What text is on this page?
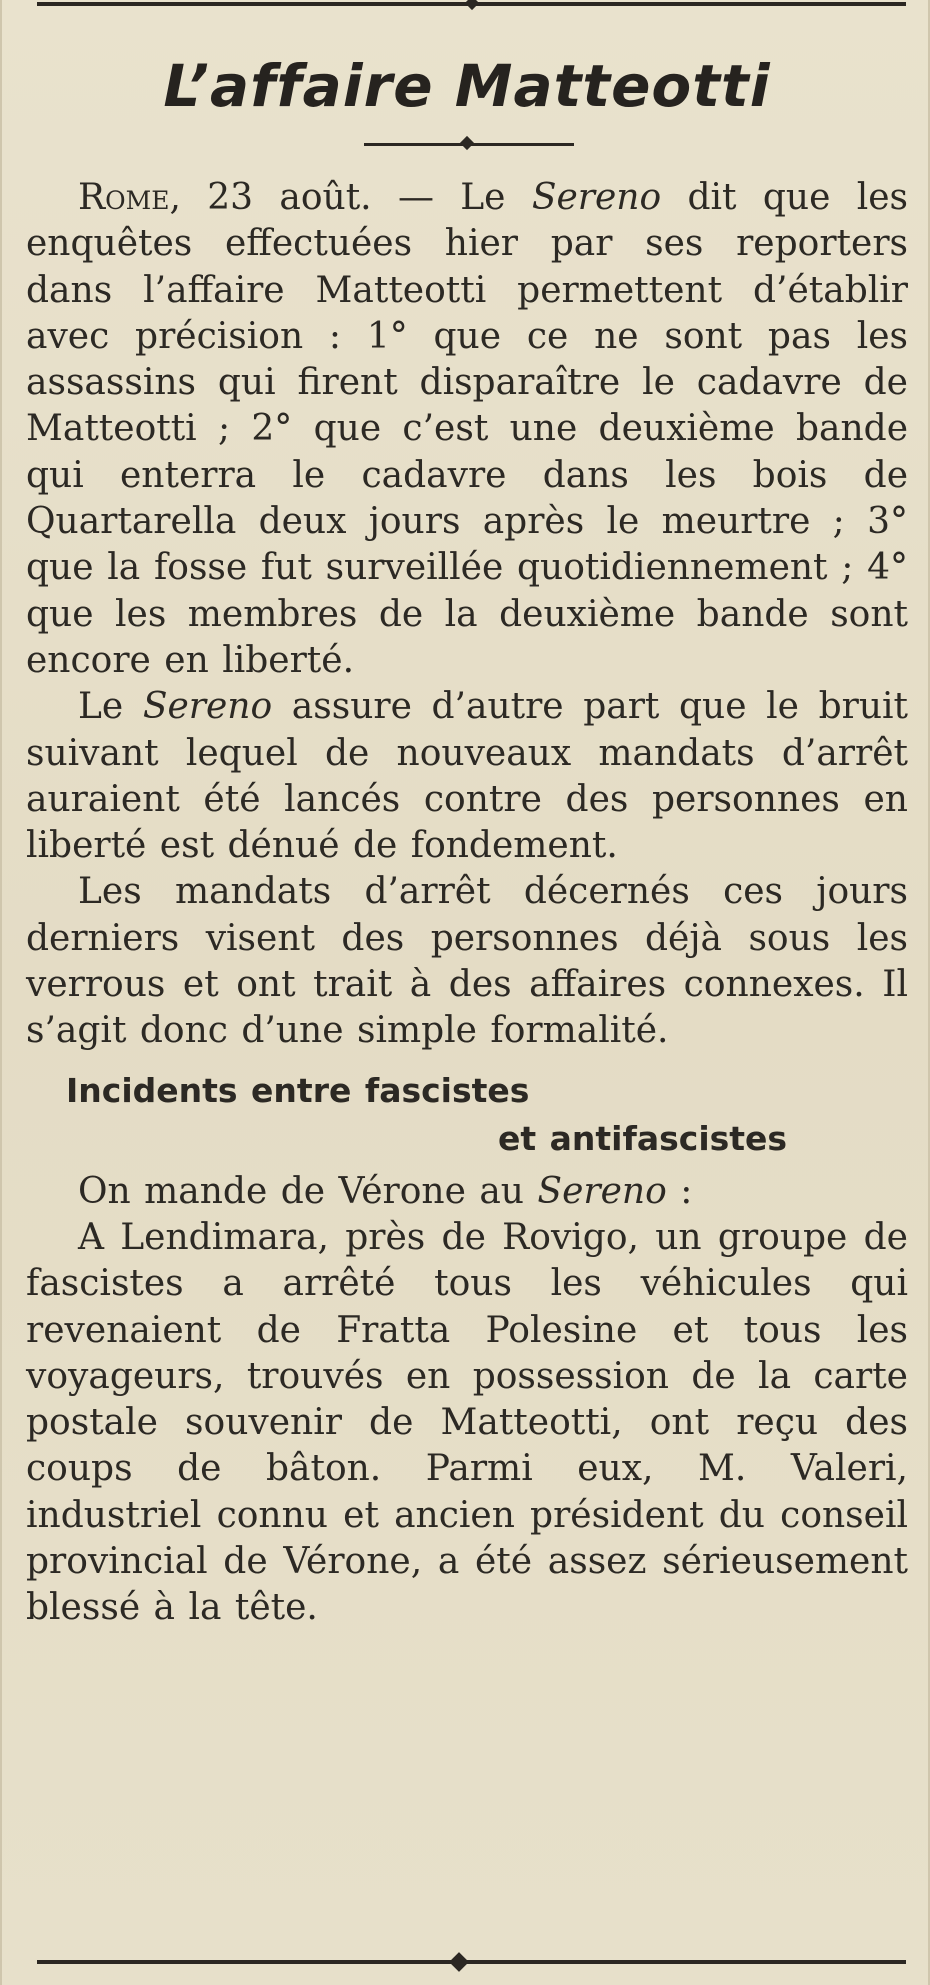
L’affaire Matteotti

Rome, 23 août. — Le Sereno dit que les enquêtes effectuées hier par ses reporters dans l’affaire Matteotti permettent d’établir avec précision : 1° que ce ne sont pas les assassins qui firent disparaître le cadavre de Matteotti ; 2° que c’est une deuxième bande qui enterra le cadavre dans les bois de Quartarella deux jours après le meurtre ; 3° que la fosse fut surveillée quotidiennement ; 4° que les membres de la deuxième bande sont encore en liberté.

Le Sereno assure d’autre part que le bruit suivant lequel de nouveaux mandats d’arrêt auraient été lancés contre des personnes en liberté est dénué de fondement.

Les mandats d’arrêt décernés ces jours derniers visent des personnes déjà sous les verrous et ont trait à des affaires connexes. Il s’agit donc d’une simple formalité.

Incidents entre fascistes
et antifascistes

On mande de Vérone au Sereno :

A Lendimara, près de Rovigo, un groupe de fascistes a arrêté tous les véhicules qui revenaient de Fratta Polesine et tous les voyageurs, trouvés en possession de la carte postale souvenir de Matteotti, ont reçu des coups de bâton. Parmi eux, M. Valeri, industriel connu et ancien président du conseil provincial de Vérone, a été assez sérieusement blessé à la tête.
